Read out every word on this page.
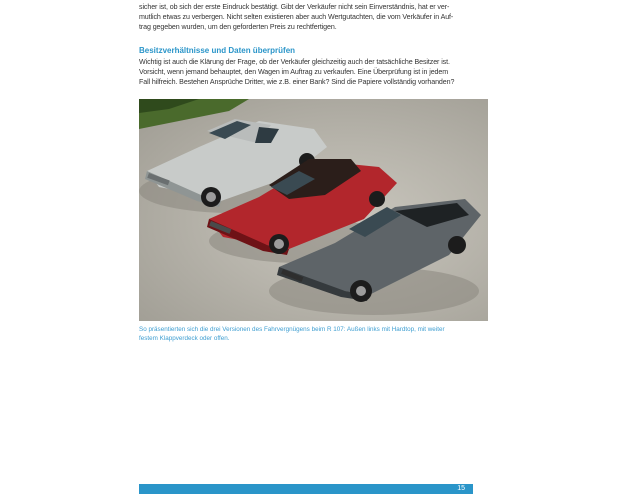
sicher ist, ob sich der erste Eindruck bestätigt. Gibt der Verkäufer nicht sein Einverständnis, hat er ver-
mutlich etwas zu verbergen. Nicht selten existieren aber auch Wertgutachten, die vom Verkäufer in Auf-
trag gegeben wurden, um den geforderten Preis zu rechtfertigen.
Besitzverhältnisse und Daten überprüfen
Wichtig ist auch die Klärung der Frage, ob der Verkäufer gleichzeitig auch der tatsächliche Besitzer ist.
Vorsicht, wenn jemand behauptet, den Wagen im Auftrag zu verkaufen. Eine Überprüfung ist in jedem
Fall hilfreich. Bestehen Ansprüche Dritter, wie z.B. einer Bank? Sind die Papiere vollständig vorhanden?
So präsentierten sich die drei Versionen des Fahrvergnügens beim R 107: Außen links mit Hardtop, mit weiter
festem Klappverdeck oder offen.
15
